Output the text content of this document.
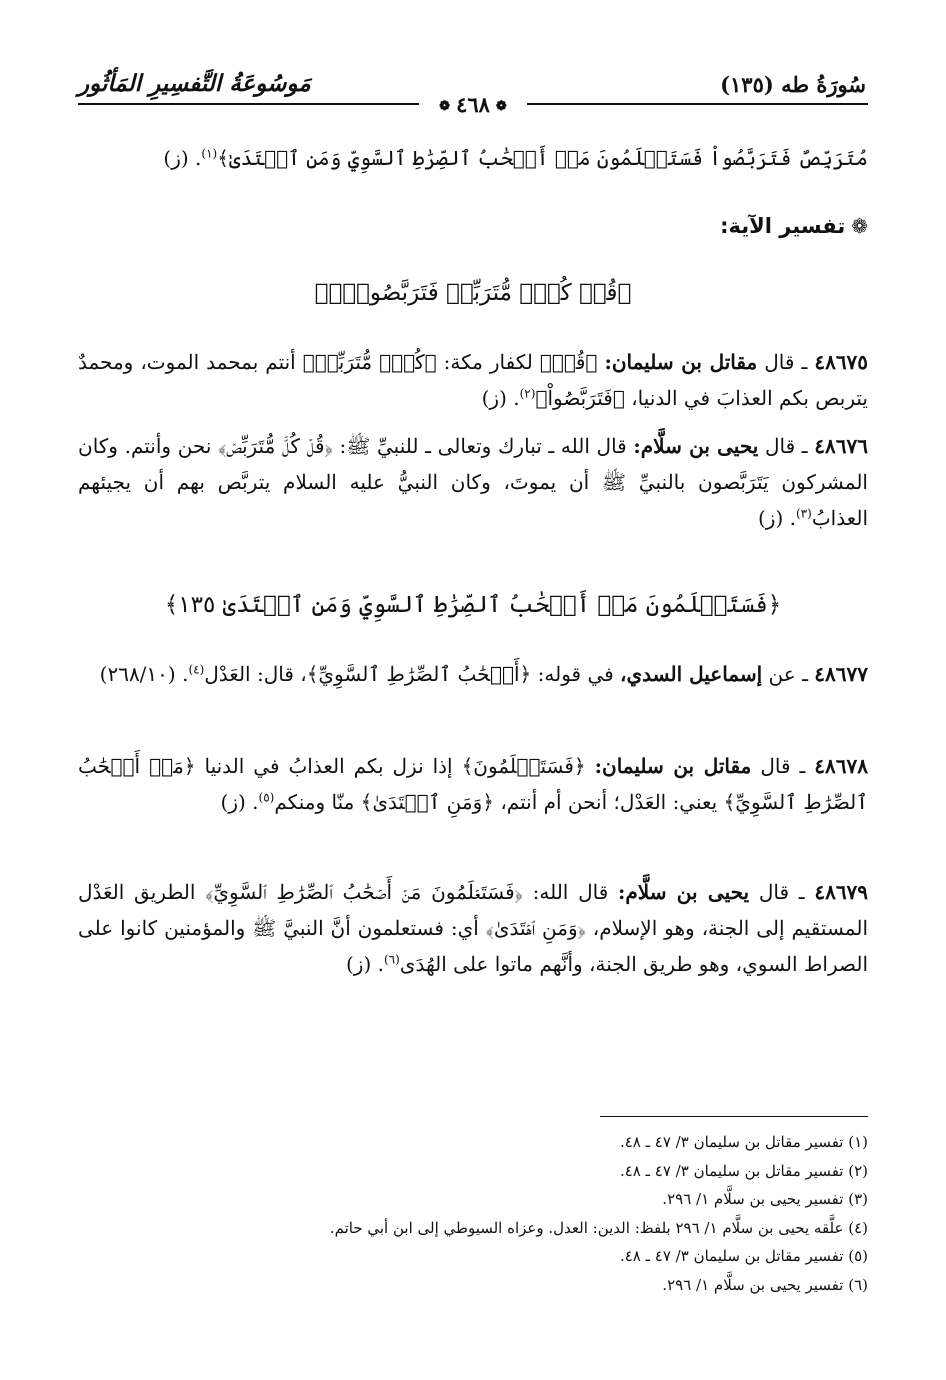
سُورَةُ طه (١٣٥)
مَوسُوعَةُ التَّفسِيرِ المَأثُور
❁٤٦٨❁

مُتَرَبِّصٌ فَتَرَبَّصُواْ فَسَتَعۡلَمُونَ مَنۡ أَصۡحَٰبُ ٱلصِّرَٰطِ ٱلسَّوِيِّ وَمَنِ ٱهۡتَدَىٰ﴾$^{(١)}$. (ز)

❁تفسير الآية:
﴿قُلۡ كُلّٞ مُّتَرَبِّصٞ فَتَرَبَّصُواْۖ﴾

٤٨٦٧٥ ـ قال مقاتل بن سليمان: ﴿قُلۡ﴾ لكفار مكة: ﴿كُلّٞ مُّتَرَبِّصٞ﴾ أنتم بمحمد الموت، ومحمدٌ يتربص بكم العذابَ في الدنيا، ﴿فَتَرَبَّصُواْ﴾$^{(٢)}$. (ز)

٤٨٦٧٦ ـ قال يحيى بن سلَّام: قال الله ـ تبارك وتعالى ـ للنبيِّ ﷺ: ﴿قُلۡ كُلّٞ مُّتَرَبِّصٞ﴾ نحن وأنتم. وكان المشركون يَتَرَبَّصون بالنبيِّ ﷺ أن يموتَ، وكان النبيُّ عليه السلام يتربَّص بهم أن يجيئهم العذابُ$^{(٣)}$. (ز)

﴿فَسَتَعۡلَمُونَ مَنۡ أَصۡحَٰبُ ٱلصِّرَٰطِ ٱلسَّوِيِّ وَمَنِ ٱهۡتَدَىٰ ١٣٥﴾

٤٨٦٧٧ ـ عن إسماعيل السدي، في قوله: ﴿أَصۡحَٰبُ ٱلصِّرَٰطِ ٱلسَّوِيِّ﴾، قال: العَدْل$^{(٤)}$. (٢٦٨/١٠)

٤٨٦٧٨ ـ قال مقاتل بن سليمان: ﴿فَسَتَعۡلَمُونَ﴾ إذا نزل بكم العذابُ في الدنيا ﴿مَنۡ أَصۡحَٰبُ ٱلصِّرَٰطِ ٱلسَّوِيِّ﴾ يعني: العَدْل؛ أنحن أم أنتم، ﴿وَمَنِ ٱهۡتَدَىٰ﴾ منّا ومنكم$^{(٥)}$. (ز)

٤٨٦٧٩ ـ قال يحيى بن سلَّام: قال الله: ﴿فَسَتَعۡلَمُونَ مَنۡ أَصۡحَٰبُ ٱلصِّرَٰطِ ٱلسَّوِيِّ﴾ الطريق العَدْل المستقيم إلى الجنة، وهو الإسلام، ﴿وَمَنِ ٱهۡتَدَىٰ﴾ أي: فستعلمون أنَّ النبيَّ ﷺ والمؤمنين كانوا على الصراط السوي، وهو طريق الجنة، وأنَّهم ماتوا على الهُدَى$^{(٦)}$. (ز)

(١) تفسير مقاتل بن سليمان ٣/ ٤٧ ـ ٤٨.
(٢) تفسير مقاتل بن سليمان ٣/ ٤٧ ـ ٤٨.
(٣) تفسير يحيى بن سلَّام ١/ ٢٩٦.
(٤) علَّقه يحيى بن سلَّام ١/ ٢٩٦ بلفظ: الدين: العدل. وعزاه السيوطي إلى ابن أبي حاتم.
(٥) تفسير مقاتل بن سليمان ٣/ ٤٧ ـ ٤٨.
(٦) تفسير يحيى بن سلَّام ١/ ٢٩٦.
